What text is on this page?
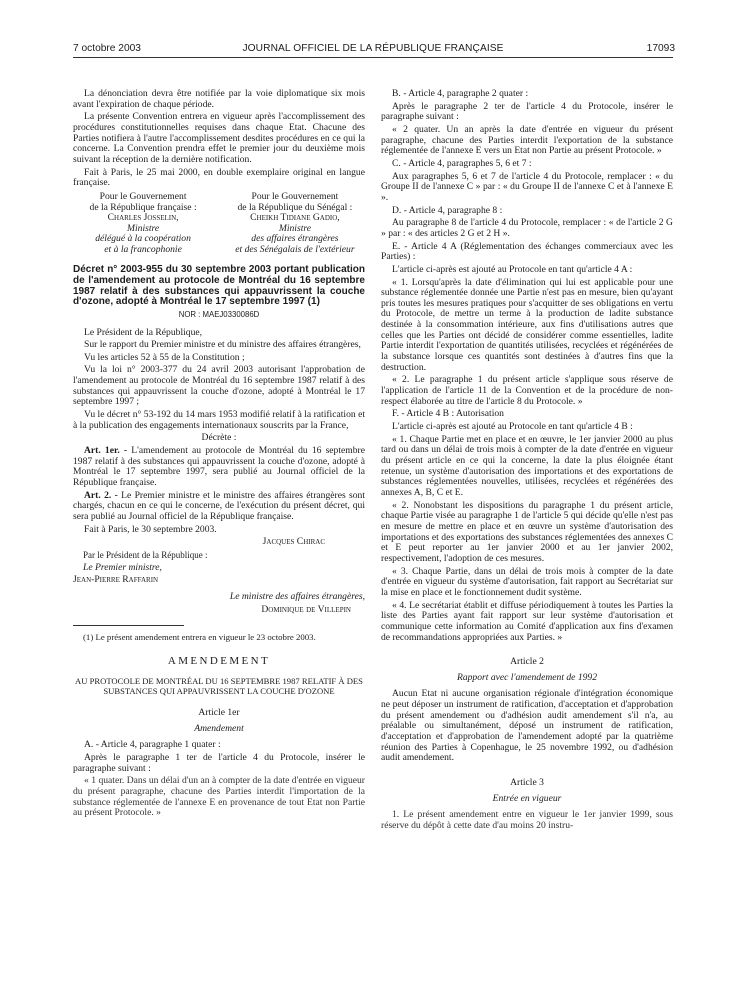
7 octobre 2003	JOURNAL OFFICIEL DE LA RÉPUBLIQUE FRANÇAISE	17093

La dénonciation devra être notifiée par la voie diplomatique six mois avant l'expiration de chaque période.

La présente Convention entrera en vigueur après l'accomplissement des procédures constitutionnelles requises dans chaque Etat. Chacune des Parties notifiera à l'autre l'accomplissement desdites procédures en ce qui la concerne. La Convention prendra effet le premier jour du deuxième mois suivant la réception de la dernière notification.

Fait à Paris, le 25 mai 2000, en double exemplaire original en langue française.

Pour le Gouvernement
de la République française :
Charles Josselin,
Ministre
délégué à la coopération
et à la francophonie
Pour le Gouvernement
de la République du Sénégal :
Cheikh Tidiane Gadio,
Ministre
des affaires étrangères
et des Sénégalais de l'extérieur
Décret n° 2003-955 du 30 septembre 2003 portant publication de l'amendement au protocole de Montréal du 16 septembre 1987 relatif à des substances qui appauvrissent la couche d'ozone, adopté à Montréal le 17 septembre 1997 (1)
NOR : MAEJ0330086D

Le Président de la République,

Sur le rapport du Premier ministre et du ministre des affaires étrangères,

Vu les articles 52 à 55 de la Constitution ;

Vu la loi n° 2003-377 du 24 avril 2003 autorisant l'approbation de l'amendement au protocole de Montréal du 16 septembre 1987 relatif à des substances qui appauvrissent la couche d'ozone, adopté à Montréal le 17 septembre 1997 ;

Vu le décret n° 53-192 du 14 mars 1953 modifié relatif à la ratification et à la publication des engagements internationaux souscrits par la France,

Décrète :

Art. 1er. - L'amendement au protocole de Montréal du 16 septembre 1987 relatif à des substances qui appauvrissent la couche d'ozone, adopté à Montréal le 17 septembre 1997, sera publié au Journal officiel de la République française.

Art. 2. - Le Premier ministre et le ministre des affaires étrangères sont chargés, chacun en ce qui le concerne, de l'exécution du présent décret, qui sera publié au Journal officiel de la République française.

Fait à Paris, le 30 septembre 2003.

Jacques Chirac

Par le Président de la République :

Le Premier ministre,

Jean-Pierre Raffarin

Le ministre des affaires étrangères,

Dominique de Villepin

(1) Le présent amendement entrera en vigueur le 23 octobre 2003.
AMENDEMENT
AU PROTOCOLE DE MONTRÉAL DU 16 SEPTEMBRE 1987 RELATIF À DES SUBSTANCES QUI APPAUVRISSENT LA COUCHE D'OZONE
Article 1er
Amendement

A. - Article 4, paragraphe 1 quater :

Après le paragraphe 1 ter de l'article 4 du Protocole, insérer le paragraphe suivant :

« 1 quater. Dans un délai d'un an à compter de la date d'entrée en vigueur du présent paragraphe, chacune des Parties interdit l'importation de la substance réglementée de l'annexe E en provenance de tout Etat non Partie au présent Protocole. »

B. - Article 4, paragraphe 2 quater :

Après le paragraphe 2 ter de l'article 4 du Protocole, insérer le paragraphe suivant :

« 2 quater. Un an après la date d'entrée en vigueur du présent paragraphe, chacune des Parties interdit l'exportation de la substance réglementée de l'annexe E vers un Etat non Partie au présent Protocole. »

C. - Article 4, paragraphes 5, 6 et 7 :

Aux paragraphes 5, 6 et 7 de l'article 4 du Protocole, remplacer : « du Groupe II de l'annexe C » par : « du Groupe II de l'annexe C et à l'annexe E ».

D. - Article 4, paragraphe 8 :

Au paragraphe 8 de l'article 4 du Protocole, remplacer : « de l'article 2 G » par : « des articles 2 G et 2 H ».

E. - Article 4 A (Réglementation des échanges commerciaux avec les Parties) :

L'article ci-après est ajouté au Protocole en tant qu'article 4 A :

« 1. Lorsqu'après la date d'élimination qui lui est applicable pour une substance réglementée donnée une Partie n'est pas en mesure, bien qu'ayant pris toutes les mesures pratiques pour s'acquitter de ses obligations en vertu du Protocole, de mettre un terme à la production de ladite substance destinée à la consommation intérieure, aux fins d'utilisations autres que celles que les Parties ont décidé de considérer comme essentielles, ladite Partie interdit l'exportation de quantités utilisées, recyclées et régénérées de la substance lorsque ces quantités sont destinées à d'autres fins que la destruction.

« 2. Le paragraphe 1 du présent article s'applique sous réserve de l'application de l'article 11 de la Convention et de la procédure de non-respect élaborée au titre de l'article 8 du Protocole. »

F. - Article 4 B : Autorisation

L'article ci-après est ajouté au Protocole en tant qu'article 4 B :

« 1. Chaque Partie met en place et en œuvre, le 1er janvier 2000 au plus tard ou dans un délai de trois mois à compter de la date d'entrée en vigueur du présent article en ce qui la concerne, la date la plus éloignée étant retenue, un système d'autorisation des importations et des exportations de substances réglementées nouvelles, utilisées, recyclées et régénérées des annexes A, B, C et E.

« 2. Nonobstant les dispositions du paragraphe 1 du présent article, chaque Partie visée au paragraphe 1 de l'article 5 qui décide qu'elle n'est pas en mesure de mettre en place et en œuvre un système d'autorisation des importations et des exportations des substances réglementées des annexes C et E peut reporter au 1er janvier 2000 et au 1er janvier 2002, respectivement, l'adoption de ces mesures.

« 3. Chaque Partie, dans un délai de trois mois à compter de la date d'entrée en vigueur du système d'autorisation, fait rapport au Secrétariat sur la mise en place et le fonctionnement dudit système.

« 4. Le secrétariat établit et diffuse périodiquement à toutes les Parties la liste des Parties ayant fait rapport sur leur système d'autorisation et communique cette information au Comité d'application aux fins d'examen de recommandations appropriées aux Parties. »

Article 2
Rapport avec l'amendement de 1992

Aucun Etat ni aucune organisation régionale d'intégration économique ne peut déposer un instrument de ratification, d'acceptation et d'approbation du présent amendement ou d'adhésion audit amendement s'il n'a, au préalable ou simultanément, déposé un instrument de ratification, d'acceptation et d'approbation de l'amendement adopté par la quatrième réunion des Parties à Copenhague, le 25 novembre 1992, ou d'adhésion audit amendement.

Article 3
Entrée en vigueur

1. Le présent amendement entre en vigueur le 1er janvier 1999, sous réserve du dépôt à cette date d'au moins 20 instru-
